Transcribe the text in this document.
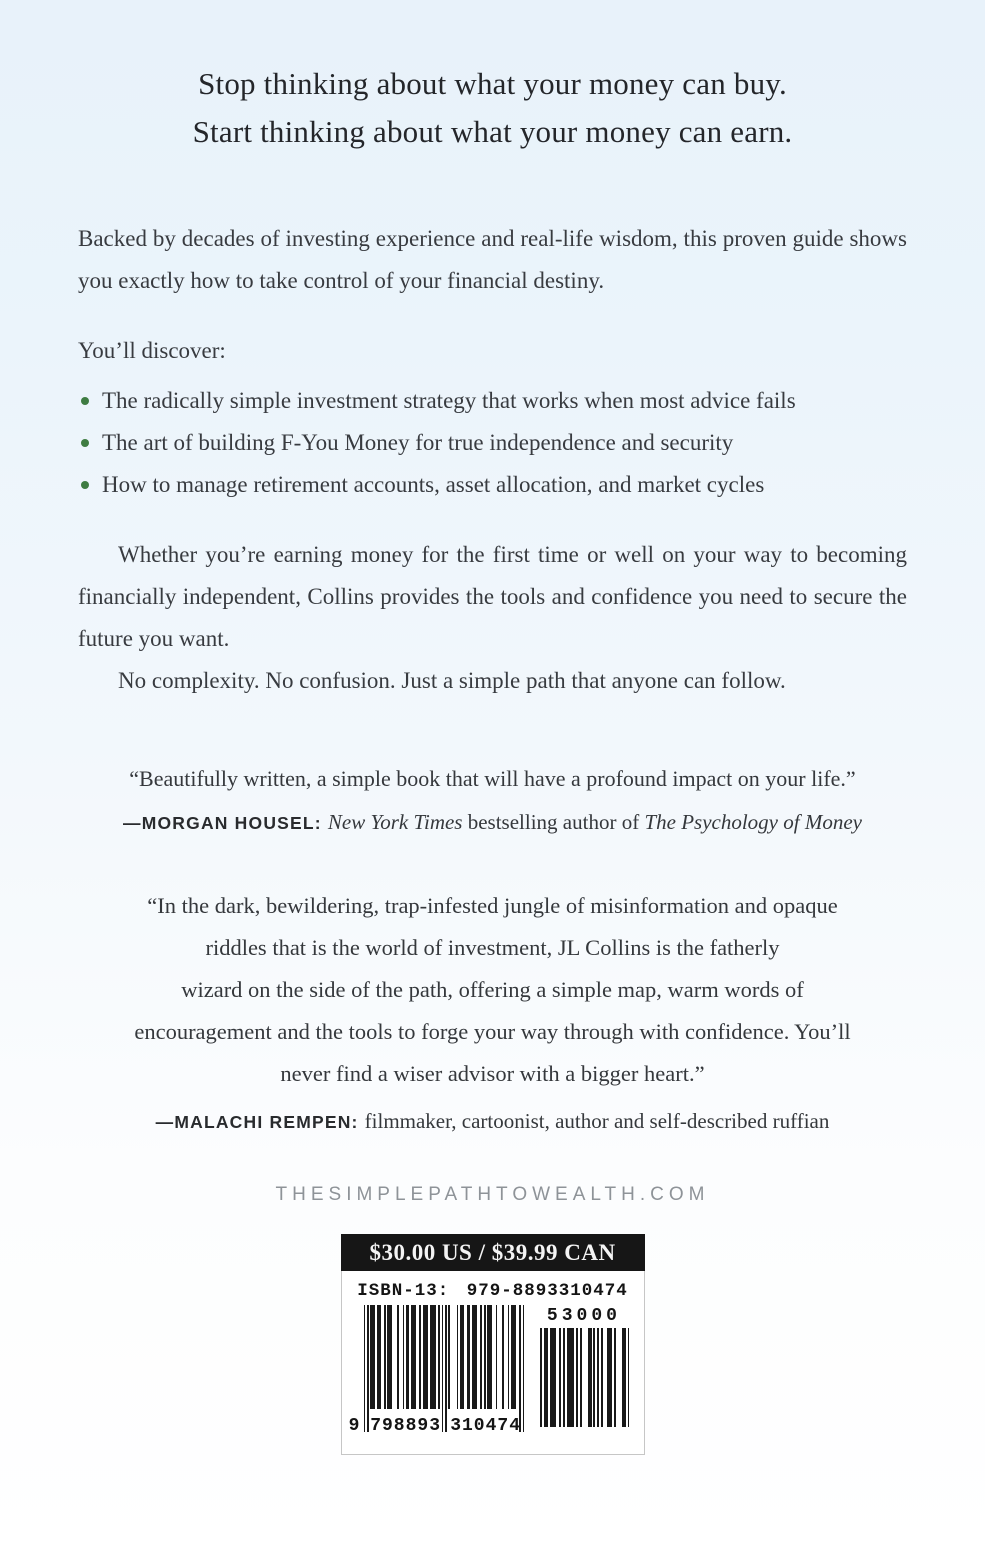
Stop thinking about what your money can buy.
Start thinking about what your money can earn.

Backed by decades of investing experience and real-life wisdom, this proven guide shows you exactly how to take control of your financial destiny.

You’ll discover:

The radically simple investment strategy that works when most advice fails
The art of building F-You Money for true independence and security
How to manage retirement accounts, asset allocation, and market cycles

Whether you’re earning money for the first time or well on your way to becoming financially independent, Collins provides the tools and confidence you need to secure the future you want.

No complexity. No confusion. Just a simple path that anyone can follow.

“Beautifully written, a simple book that will have a profound impact on your life.”

—MORGAN HOUSEL: New York Times bestselling author of The Psychology of Money

“In the dark, bewildering, trap-infested jungle of misinformation and opaque
riddles that is the world of investment, JL Collins is the fatherly
wizard on the side of the path, offering a simple map, warm words of
encouragement and the tools to forge your way through with confidence. You’ll
never find a wiser advisor with a bigger heart.”

—MALACHI REMPEN: filmmaker, cartoonist, author and self-described ruffian

THESIMPLEPATHTOWEALTH.COM

$30.00 US / $39.99 CAN
ISBN-13: 979-8893310474
9 798893 310474
53000
